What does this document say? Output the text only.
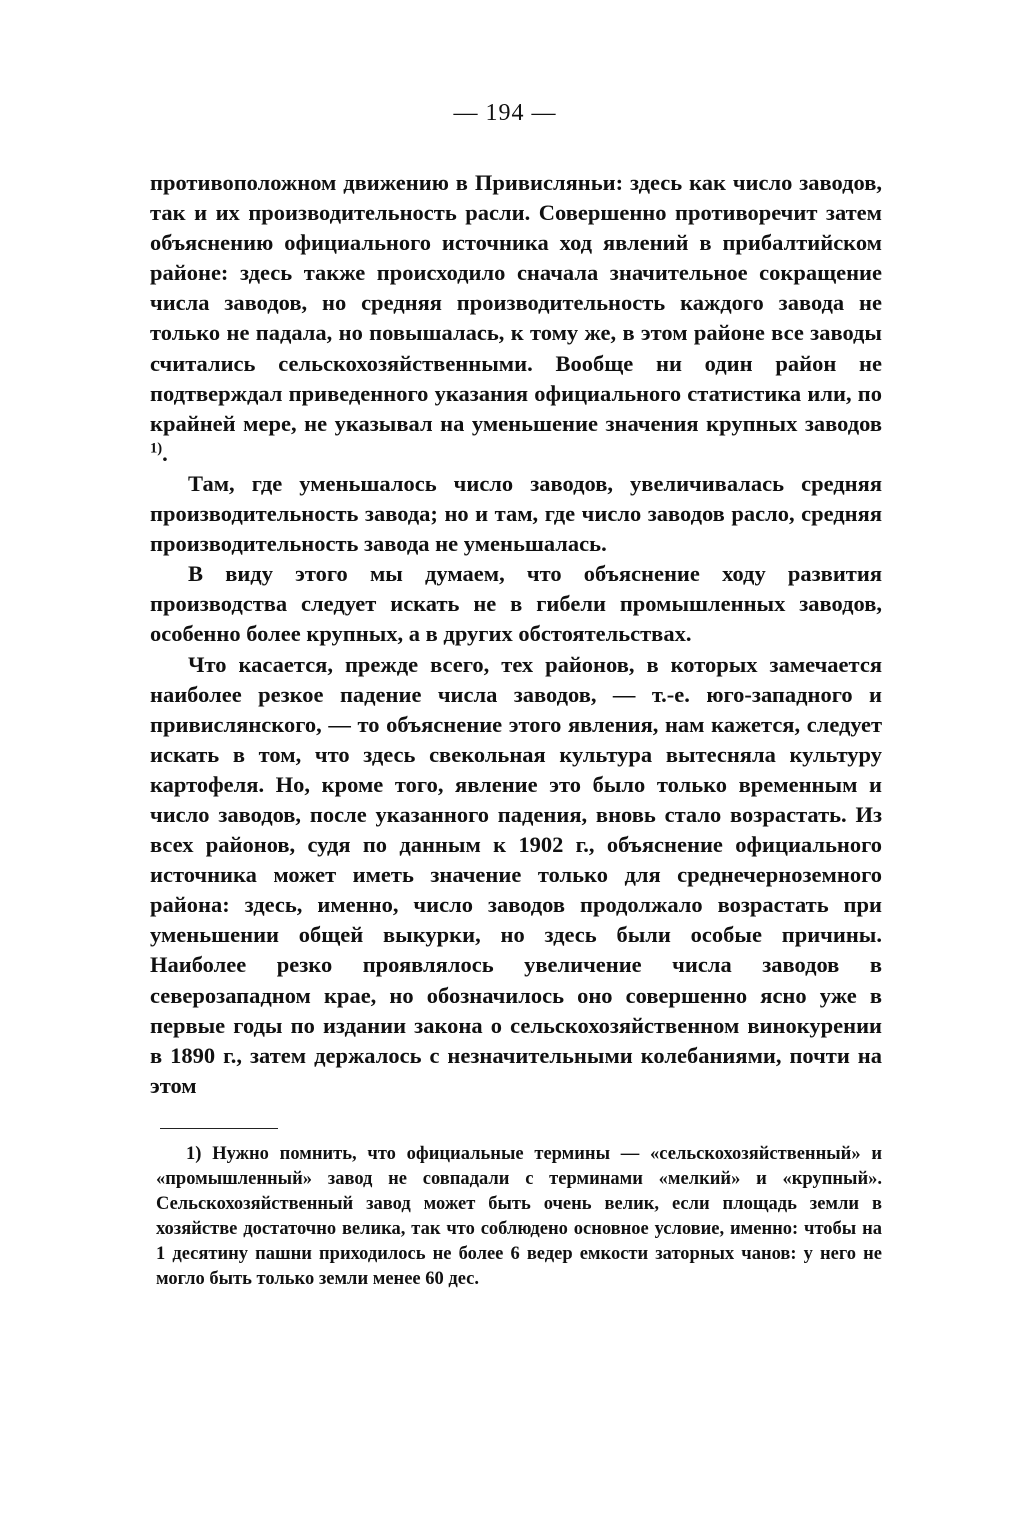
— 194 —

противоположном движению в Привисляньи: здесь как число заводов, так и их производительность расли. Совершенно противоречит затем объяснению официального источника ход явлений в прибалтийском районе: здесь также происходило сначала значительное сокращение числа заводов, но средняя производительность каждого завода не только не падала, но повышалась, к тому же, в этом районе все заводы считались сельскохозяйственными. Вообще ни один район не подтверждал приведенного указания официального статистика или, по крайней мере, не указывал на уменьшение значения крупных заводов $^{1)}$.

Там, где уменьшалось число заводов, увеличивалась средняя производительность завода; но и там, где число заводов расло, средняя производительность завода не уменьшалась.

В виду этого мы думаем, что объяснение ходу развития производства следует искать не в гибели промышленных заводов, особенно более крупных, а в других обстоятельствах.

Что касается, прежде всего, тех районов, в которых замечается наиболее резкое падение числа заводов, — т.-е. юго-западного и привислянского, — то объяснение этого явления, нам кажется, следует искать в том, что здесь свекольная культура вытесняла культуру картофеля. Но, кроме того, явление это было только временным и число заводов, после указанного падения, вновь стало возрастать. Из всех районов, судя по данным к 1902 г., объяснение официального источника может иметь значение только для среднечерноземного района: здесь, именно, число заводов продолжало возрастать при уменьшении общей выкурки, но здесь были особые причины. Наиболее резко проявлялось увеличение числа заводов в северозападном крае, но обозначилось оно совершенно ясно уже в первые годы по издании закона о сельскохозяйственном винокурении в 1890 г., затем держалось с незначительными колебаниями, почти на этом

1) Нужно помнить, что официальные термины — «сельскохозяйственный» и «промышленный» завод не совпадали с терминами «мелкий» и «крупный». Сельскохозяйственный завод может быть очень велик, если площадь земли в хозяйстве достаточно велика, так что соблюдено основное условие, именно: чтобы на 1 десятину пашни приходилось не более 6 ведер емкости заторных чанов: у него не могло быть только земли менее 60 дес.
